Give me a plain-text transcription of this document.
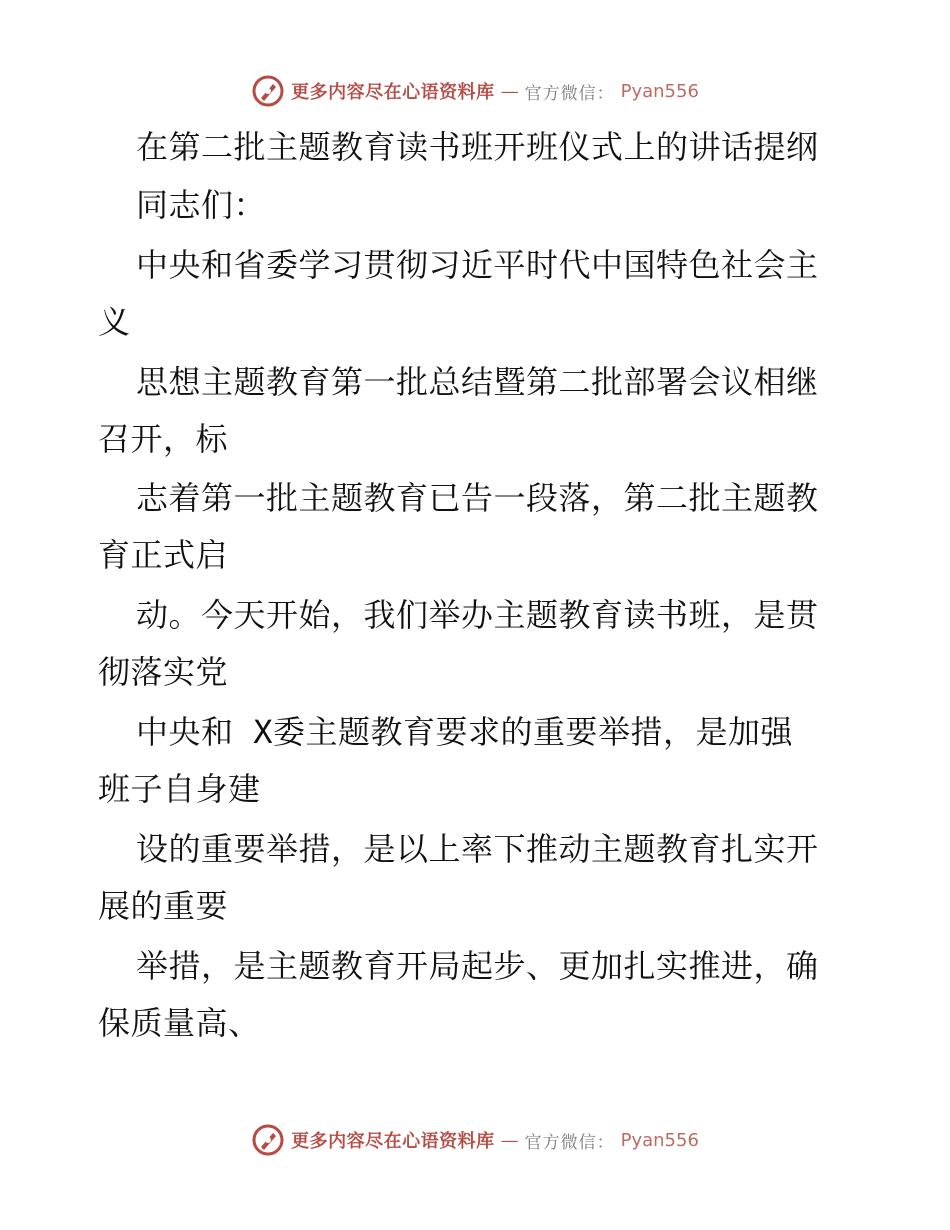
更多内容尽在心语资料库 — 官方微信： Pyan556
在第二批主题教育读书班开班仪式上的讲话提纲
同志们：
中央和省委学习贯彻习近平时代中国特色社会主
义
思想主题教育第一批总结暨第二批部署会议相继
召开，标
志着第一批主题教育已告一段落，第二批主题教
育正式启
动。今天开始，我们举办主题教育读书班，是贯
彻落实党
中央和 X委主题教育要求的重要举措，是加强
班子自身建
设的重要举措，是以上率下推动主题教育扎实开
展的重要
举措，是主题教育开局起步、更加扎实推进，确
保质量高、
更多内容尽在心语资料库 — 官方微信： Pyan556
